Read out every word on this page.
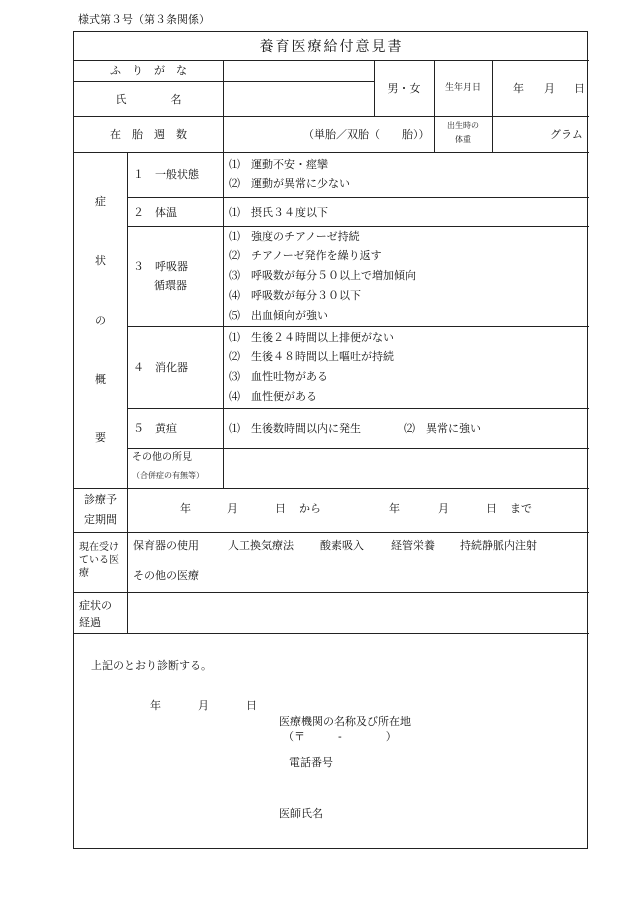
様式第３号（第３条関係）
養育医療給付意見書
ふ　り　が　な
氏　　　　名
男・女	生年月日	年 月 日
在　胎　週　数	（単胎／双胎（　　胎））
出生時の
体重	グラム
症
状
の
概
要
１　一般状態
⑴　運動不安・痙攣
⑵　運動が異常に少ない
２　体温	⑴　摂氏３４度以下
３　呼吸器
循環器
⑴　強度のチアノーゼ持続
⑵　チアノーゼ発作を繰り返す
⑶　呼吸数が毎分５０以上で増加傾向
⑷　呼吸数が毎分３０以下
⑸　出血傾向が強い
４　消化器
⑴　生後２４時間以上排便がない
⑵　生後４８時間以上嘔吐が持続
⑶　血性吐物がある
⑷　血性便がある
５　黄疸	⑴　生後数時間以内に発生	⑵　異常に強い
その他の所見
（合併症の有無等）
診療予
定期間
年	月	日 から	年	月	日 まで
現在受け
ている医
療
保育器の使用	人工換気療法 酸素吸入 経管栄養 持続静脈内注射
その他の医療
症状の
経過
上記のとおり診断する。
年	月	日
医療機関の名称及び所在地
（〒　　　-　　　　）
電話番号
医師氏名
